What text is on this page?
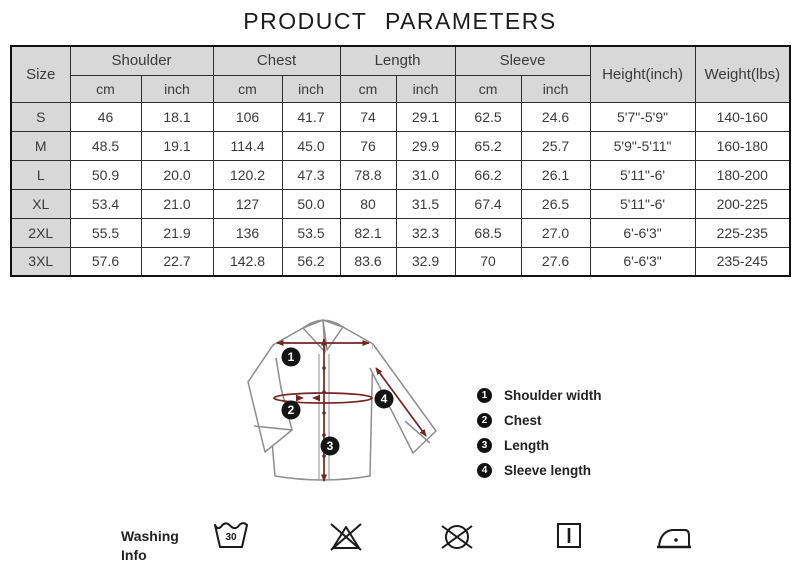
PRODUCT PARAMETERS
Size	Shoulder		Chest		Length		Sleeve		Height(inch)	Weight(lbs)
	cm	inch	cm	inch	cm	inch	cm	inch		
S	46	18.1	106	41.7	74	29.1	62.5	24.6	5'7"-5'9"	140-160
M	48.5	19.1	114.4	45.0	76	29.9	65.2	25.7	5'9"-5'11"	160-180
L	50.9	20.0	120.2	47.3	78.8	31.0	66.2	26.1	5'11"-6'	180-200
XL	53.4	21.0	127	50.0	80	31.5	67.4	26.5	5'11"-6'	200-225
2XL	55.5	21.9	136	53.5	82.1	32.3	68.5	27.0	6'-6'3"	225-235
3XL	57.6	22.7	142.8	56.2	83.6	32.9	70	27.6	6'-6'3"	235-245
1
2
3
4	1	Shoulder width
2	Chest
3	Length
4	Sleeve length
Washing
Info
30
